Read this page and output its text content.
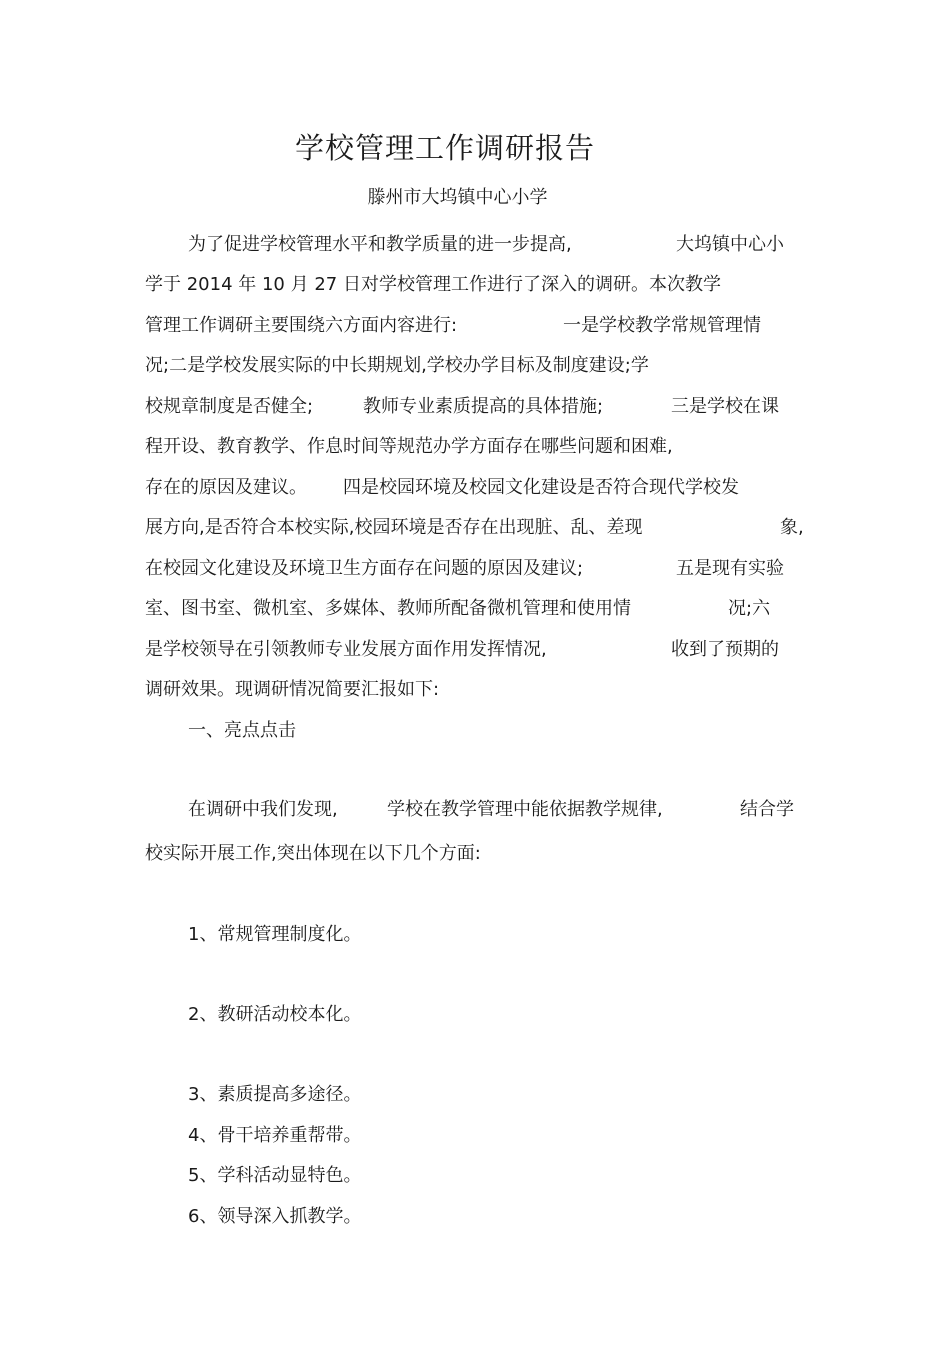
学校管理工作调研报告
滕州市大坞镇中心小学
为了促进学校管理水平和教学质量的进一步提高,	大坞镇中心小
学于 2014 年 10 月 27 日对学校管理工作进行了深入的调研。本次教学
管理工作调研主要围绕六方面内容进行:	一是学校教学常规管理情
况;二是学校发展实际的中长期规划,学校办学目标及制度建设;学
校规章制度是否健全;	教师专业素质提高的具体措施;	三是学校在课
程开设、教育教学、作息时间等规范办学方面存在哪些问题和困难,
存在的原因及建议。 四是校园环境及校园文化建设是否符合现代学校发
展方向,是否符合本校实际,校园环境是否存在出现脏、乱、差现	象,
在校园文化建设及环境卫生方面存在问题的原因及建议;	五是现有实验
室、图书室、微机室、多媒体、教师所配备微机管理和使用情	况;六
是学校领导在引领教师专业发展方面作用发挥情况,	收到了预期的
调研效果。现调研情况简要汇报如下:
一、亮点点击
在调研中我们发现,	学校在教学管理中能依据教学规律,	结合学
校实际开展工作,突出体现在以下几个方面:
1、常规管理制度化。
2、教研活动校本化。
3、素质提高多途径。
4、骨干培养重帮带。
5、学科活动显特色。
6、领导深入抓教学。
